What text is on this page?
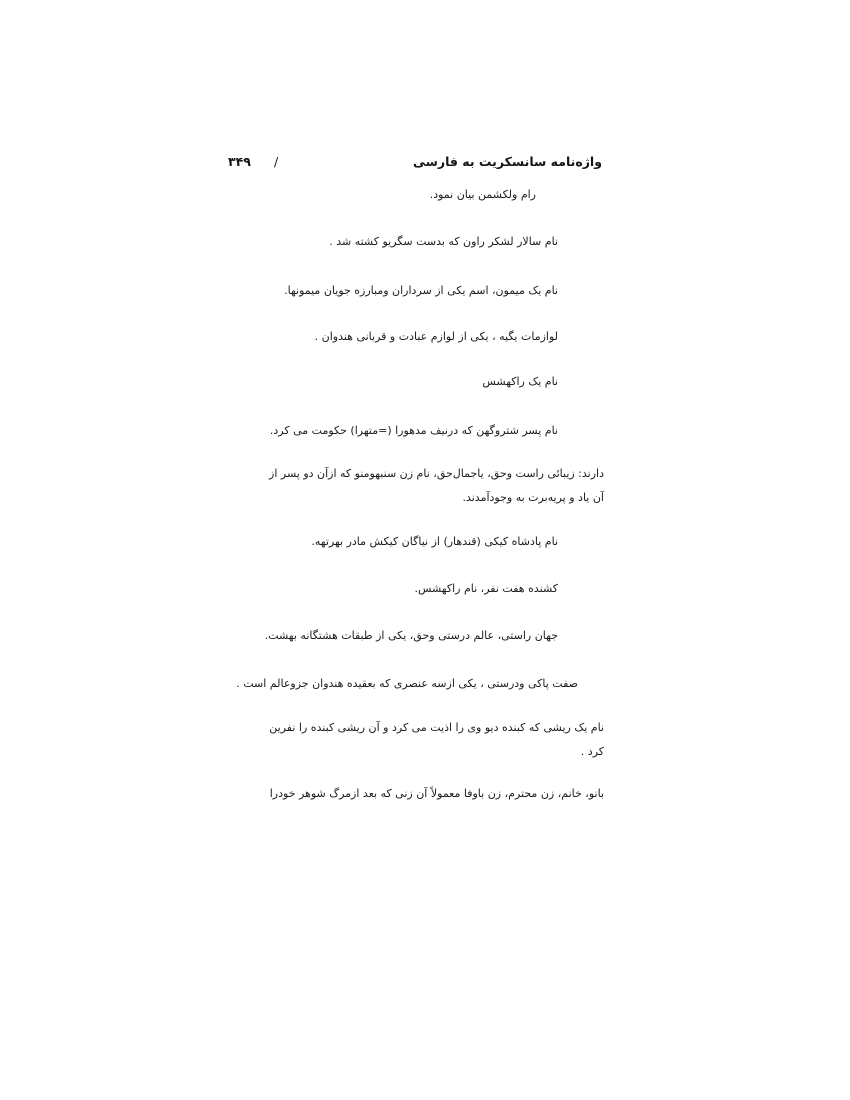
واژه‌نامه سانسکریت به فارسی
/
۳۴۹
رام ولکشمن بیان نمود.
نام سالار لشکر راون که بدست سگریو کشته شد .
نام یک میمون، اسم یکی از سرداران ومبارزه جویان میمونها.
لوازمات یگیه ، یکی از لوازم عبادت و قربانی هندوان .
نام یک راکهشس
نام پسر شتروگهن که درنیف مدهورا (=متهرا) حکومت می کرد.
دارند: زیبائی راست وحق، یاجمال‌حق، نام زن سنبهومنو که ازآن دو پسر از
آن یاد و پریه‌برت به وجود‌آمدند.
نام پادشاه کیکی (قندهار) از نیاگان کیکش مادر بهرتهه.
کشنده هفت نفر، نام راکهشس.
جهان راستی، عالم درستی وحق، یکی از طبقات هشتگانه بهشت.
صفت پاکی ودرستی ، یکی ازسه عنصری که بعقیده هندوان جزوعالم است .
نام یک ریشی که کبنده دیو وی را اذیت می کرد و آن ریشی کبنده را نفرین
کرد .
بانو، خانم، زن محترم، زن باوفا معمولاً آن زنی که بعد ازمرگ شوهر خودرا
